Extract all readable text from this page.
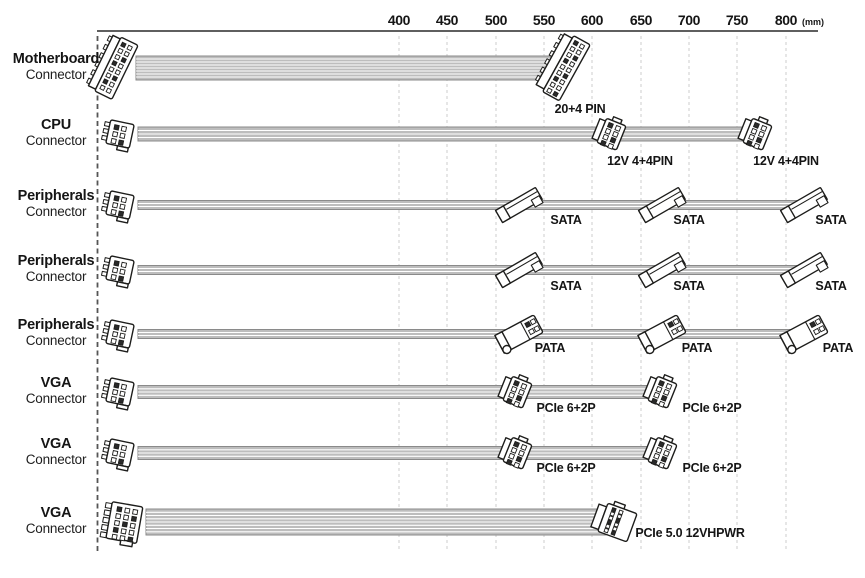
(mm)
Motherboard
Connector
CPU
Connector
Peripherals
Connector
Peripherals
Connector
Peripherals
Connector
VGA
Connector
VGA
Connector
VGA
Connector
400 450 500 550 600 650 700 750 800
20+4 PIN
12V 4+4PIN	12V 4+4PIN
SATA	SATA	SATA
SATA	SATA	SATA
PATA	PATA	PATA
PCIe 6+2P	PCIe 6+2P
PCIe 6+2P	PCIe 6+2P
PCIe 5.0 12VHPWR
